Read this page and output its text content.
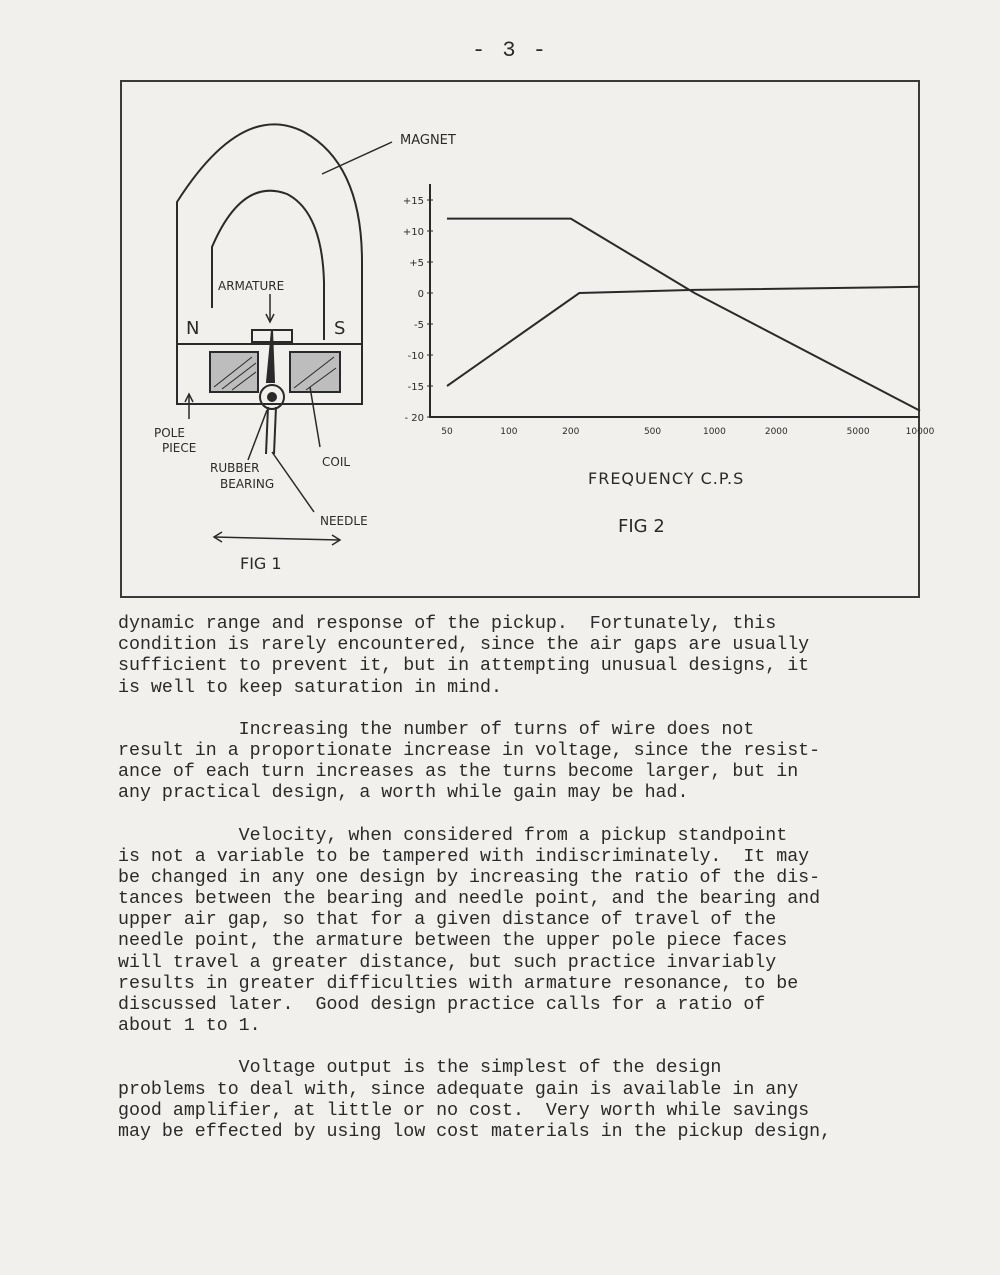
- 3 -
MAGNET
ARMATURE
N	S
POLE
PIECE
COIL
RUBBER
BEARING
NEEDLE
FIG 1
+15
+10
+5
0
-5
-10
-15
- 20
50	100	200	500	1000	2000	5000	10000
FREQUENCY C.P.S
FIG 2
dynamic range and response of the pickup.  Fortunately, this
condition is rarely encountered, since the air gaps are usually
sufficient to prevent it, but in attempting unusual designs, it
is well to keep saturation in mind.
Increasing the number of turns of wire does not
result in a proportionate increase in voltage, since the resist-
ance of each turn increases as the turns become larger, but in
any practical design, a worth while gain may be had.
Velocity, when considered from a pickup standpoint
is not a variable to be tampered with indiscriminately.  It may
be changed in any one design by increasing the ratio of the dis-
tances between the bearing and needle point, and the bearing and
upper air gap, so that for a given distance of travel of the
needle point, the armature between the upper pole piece faces
will travel a greater distance, but such practice invariably
results in greater difficulties with armature resonance, to be
discussed later.  Good design practice calls for a ratio of
about 1 to 1.
Voltage output is the simplest of the design
problems to deal with, since adequate gain is available in any
good amplifier, at little or no cost.  Very worth while savings
may be effected by using low cost materials in the pickup design,
